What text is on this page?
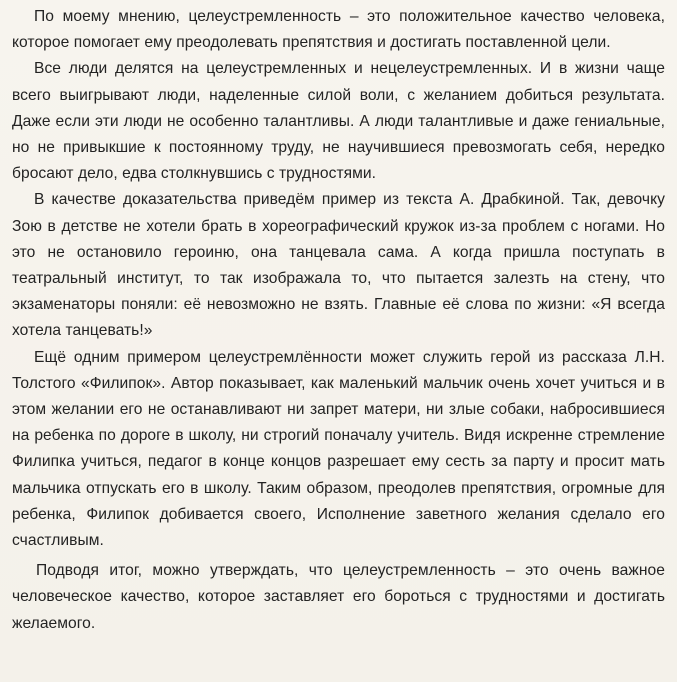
По моему мнению, целеустремленность – это положительное качество человека, которое помогает ему преодолевать препятствия и достигать поставленной цели.

Все люди делятся на целеустремленных и нецелеустремленных. И в жизни чаще всего выигрывают люди, наделенные силой воли, с желанием добиться результата. Даже если эти люди не особенно талантливы. А люди талантливые и даже гениальные, но не привыкшие к постоянному труду, не научившиеся превозмогать себя, нередко бросают дело, едва столкнувшись с трудностями.

В качестве доказательства приведём пример из текста А. Драбкиной. Так, девочку Зою в детстве не хотели брать в хореографический кружок из-за проблем с ногами. Но это не остановило героиню, она танцевала сама. А когда пришла поступать в театральный институт, то так изображала то, что пытается залезть на стену, что экзаменаторы поняли: её невозможно не взять. Главные её слова по жизни: «Я всегда хотела танцевать!»

Ещё одним примером целеустремлённости может служить герой из рассказа Л.Н. Толстого «Филипок». Автор показывает, как маленький мальчик очень хочет учиться и в этом желании его не останавливают ни запрет матери, ни злые собаки, набросившиеся на ребенка по дороге в школу, ни строгий поначалу учитель. Видя искренне стремление Филипка учиться, педагог в конце концов разрешает ему сесть за парту и просит мать мальчика отпускать его в школу. Таким образом, преодолев препятствия, огромные для ребенка, Филипок добивается своего, Исполнение заветного желания сделало его счастливым.

Подводя итог, можно утверждать, что целеустремленность – это очень важное человеческое качество, которое заставляет его бороться с трудностями и достигать желаемого.
